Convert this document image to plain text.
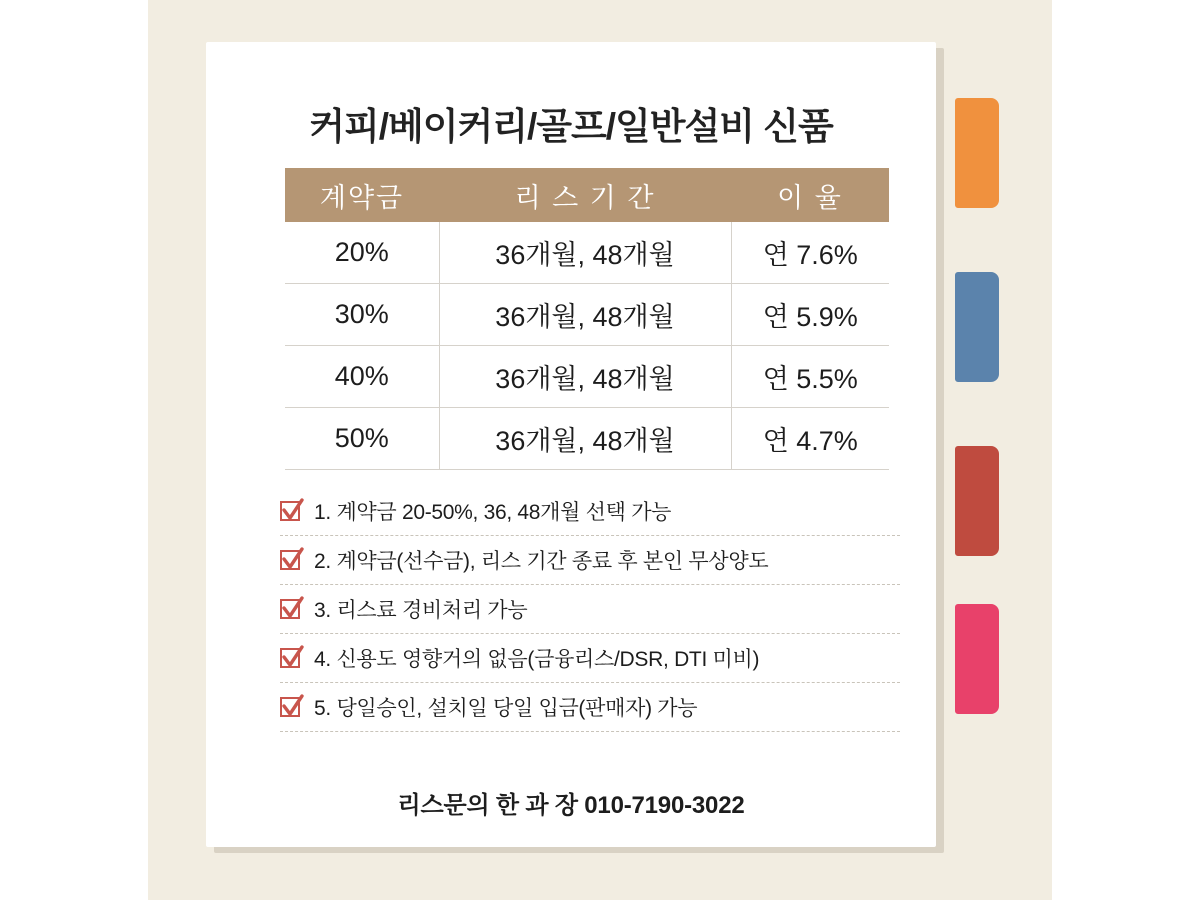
커피/베이커리/골프/일반설비 신품
계약금	리 스 기 간	이 율
20%	36개월, 48개월	연 7.6%
30%	36개월, 48개월	연 5.9%
40%	36개월, 48개월	연 5.5%
50%	36개월, 48개월	연 4.7%
1. 계약금 20-50%, 36, 48개월 선택 가능
2. 계약금(선수금), 리스 기간 종료 후 본인 무상양도
3. 리스료 경비처리 가능
4. 신용도 영향거의 없음(금융리스/DSR, DTI 미비)
5. 당일승인, 설치일 당일 입금(판매자) 가능
리스문의 한 과 장 010-7190-3022
